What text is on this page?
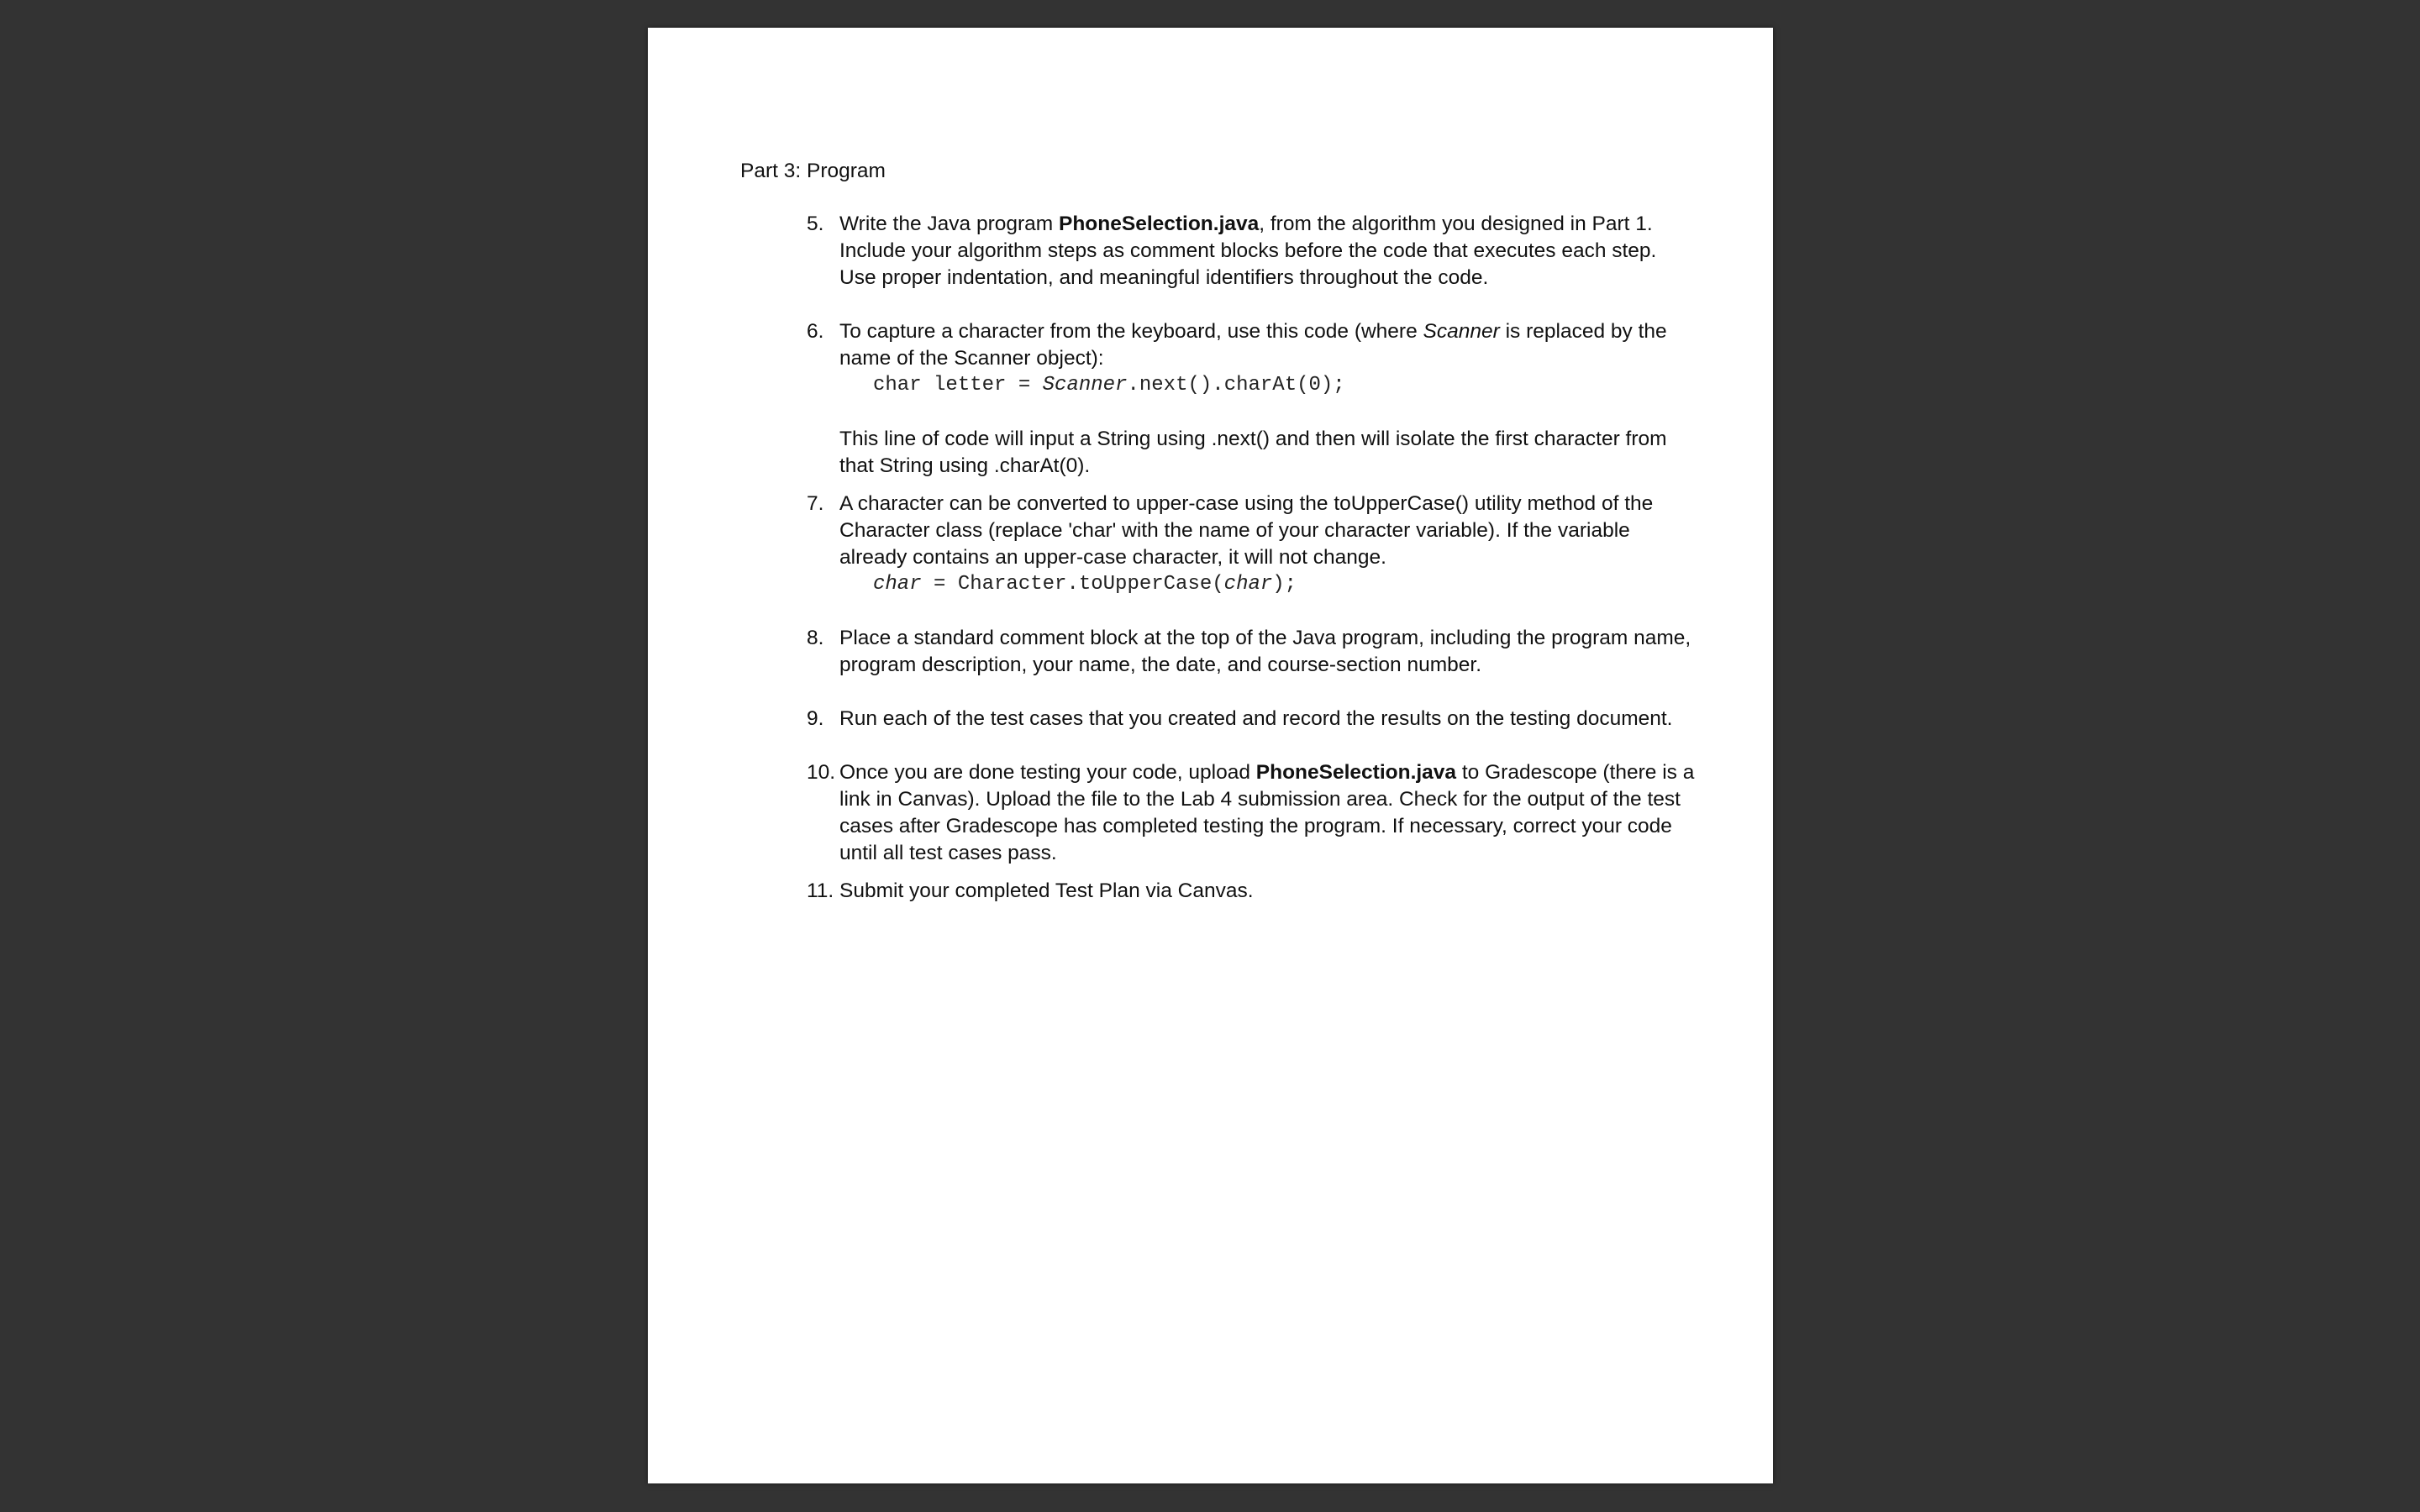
Part 3: Program
5. Write the Java program PhoneSelection.java, from the algorithm you designed in Part 1.
Include your algorithm steps as comment blocks before the code that executes each step.
Use proper indentation, and meaningful identifiers throughout the code.
6. To capture a character from the keyboard, use this code (where Scanner is replaced by the
name of the Scanner object):
char letter = Scanner.next().charAt(0);
This line of code will input a String using .next() and then will isolate the first character from
that String using .charAt(0).
7. A character can be converted to upper-case using the toUpperCase() utility method of the
Character class (replace 'char' with the name of your character variable). If the variable
already contains an upper-case character, it will not change.
char = Character.toUpperCase(char);
8. Place a standard comment block at the top of the Java program, including the program name,
program description, your name, the date, and course-section number.
9. Run each of the test cases that you created and record the results on the testing document.
10. Once you are done testing your code, upload PhoneSelection.java to Gradescope (there is a
link in Canvas). Upload the file to the Lab 4 submission area. Check for the output of the test
cases after Gradescope has completed testing the program. If necessary, correct your code
until all test cases pass.
11. Submit your completed Test Plan via Canvas.
